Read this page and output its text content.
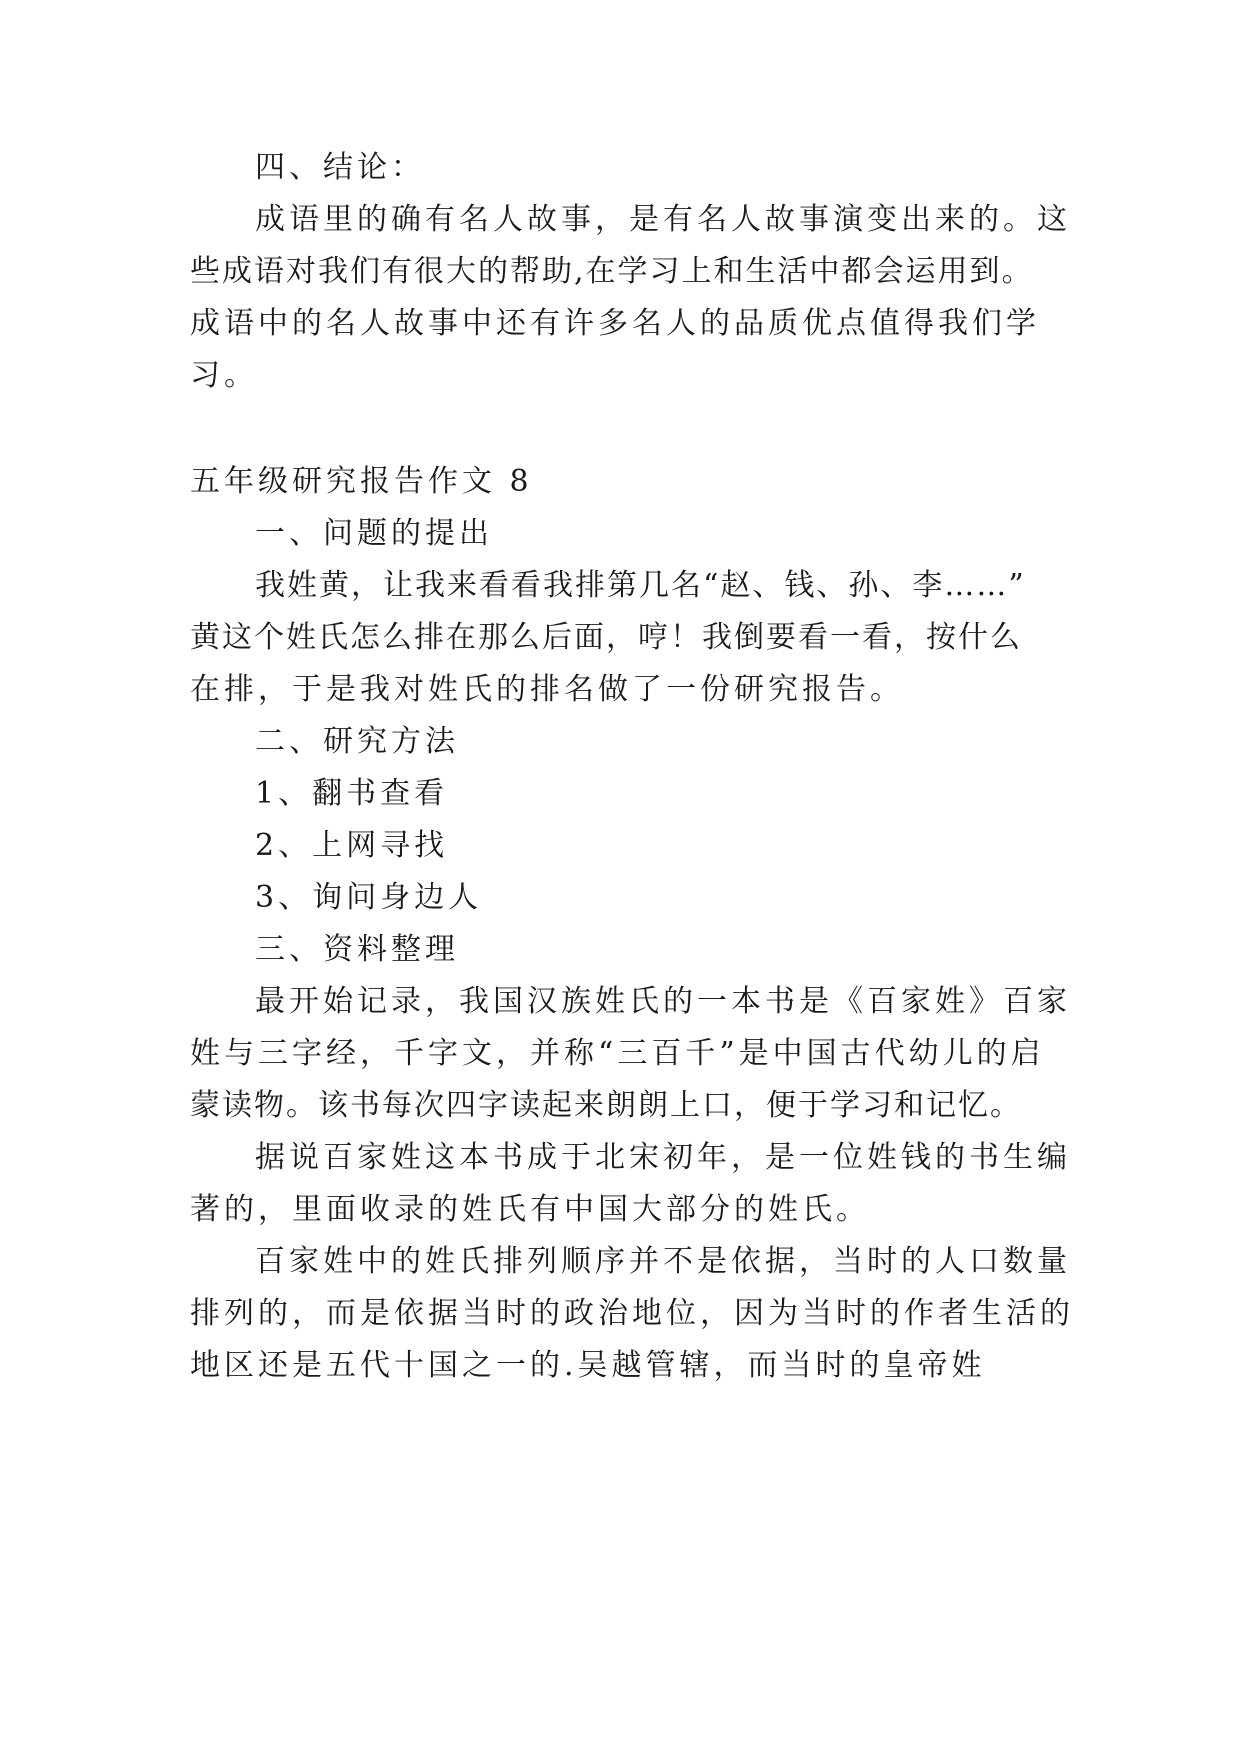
四、结论：
成语里的确有名人故事，是有名人故事演变出来的。这
些成语对我们有很大的帮助,在学习上和生活中都会运用到。
成语中的名人故事中还有许多名人的品质优点值得我们学
习。
五年级研究报告作文 8
一、问题的提出
我姓黄，让我来看看我排第几名“赵、钱、孙、李……”
黄这个姓氏怎么排在那么后面，哼！我倒要看一看，按什么
在排，于是我对姓氏的排名做了一份研究报告。
二、研究方法
1、翻书查看
2、上网寻找
3、询问身边人
三、资料整理
最开始记录，我国汉族姓氏的一本书是《百家姓》百家
姓与三字经，千字文，并称“三百千”是中国古代幼儿的启
蒙读物。该书每次四字读起来朗朗上口，便于学习和记忆。
据说百家姓这本书成于北宋初年，是一位姓钱的书生编
著的，里面收录的姓氏有中国大部分的姓氏。
百家姓中的姓氏排列顺序并不是依据，当时的人口数量
排列的，而是依据当时的政治地位，因为当时的作者生活的
地区还是五代十国之一的.吴越管辖，而当时的皇帝姓
